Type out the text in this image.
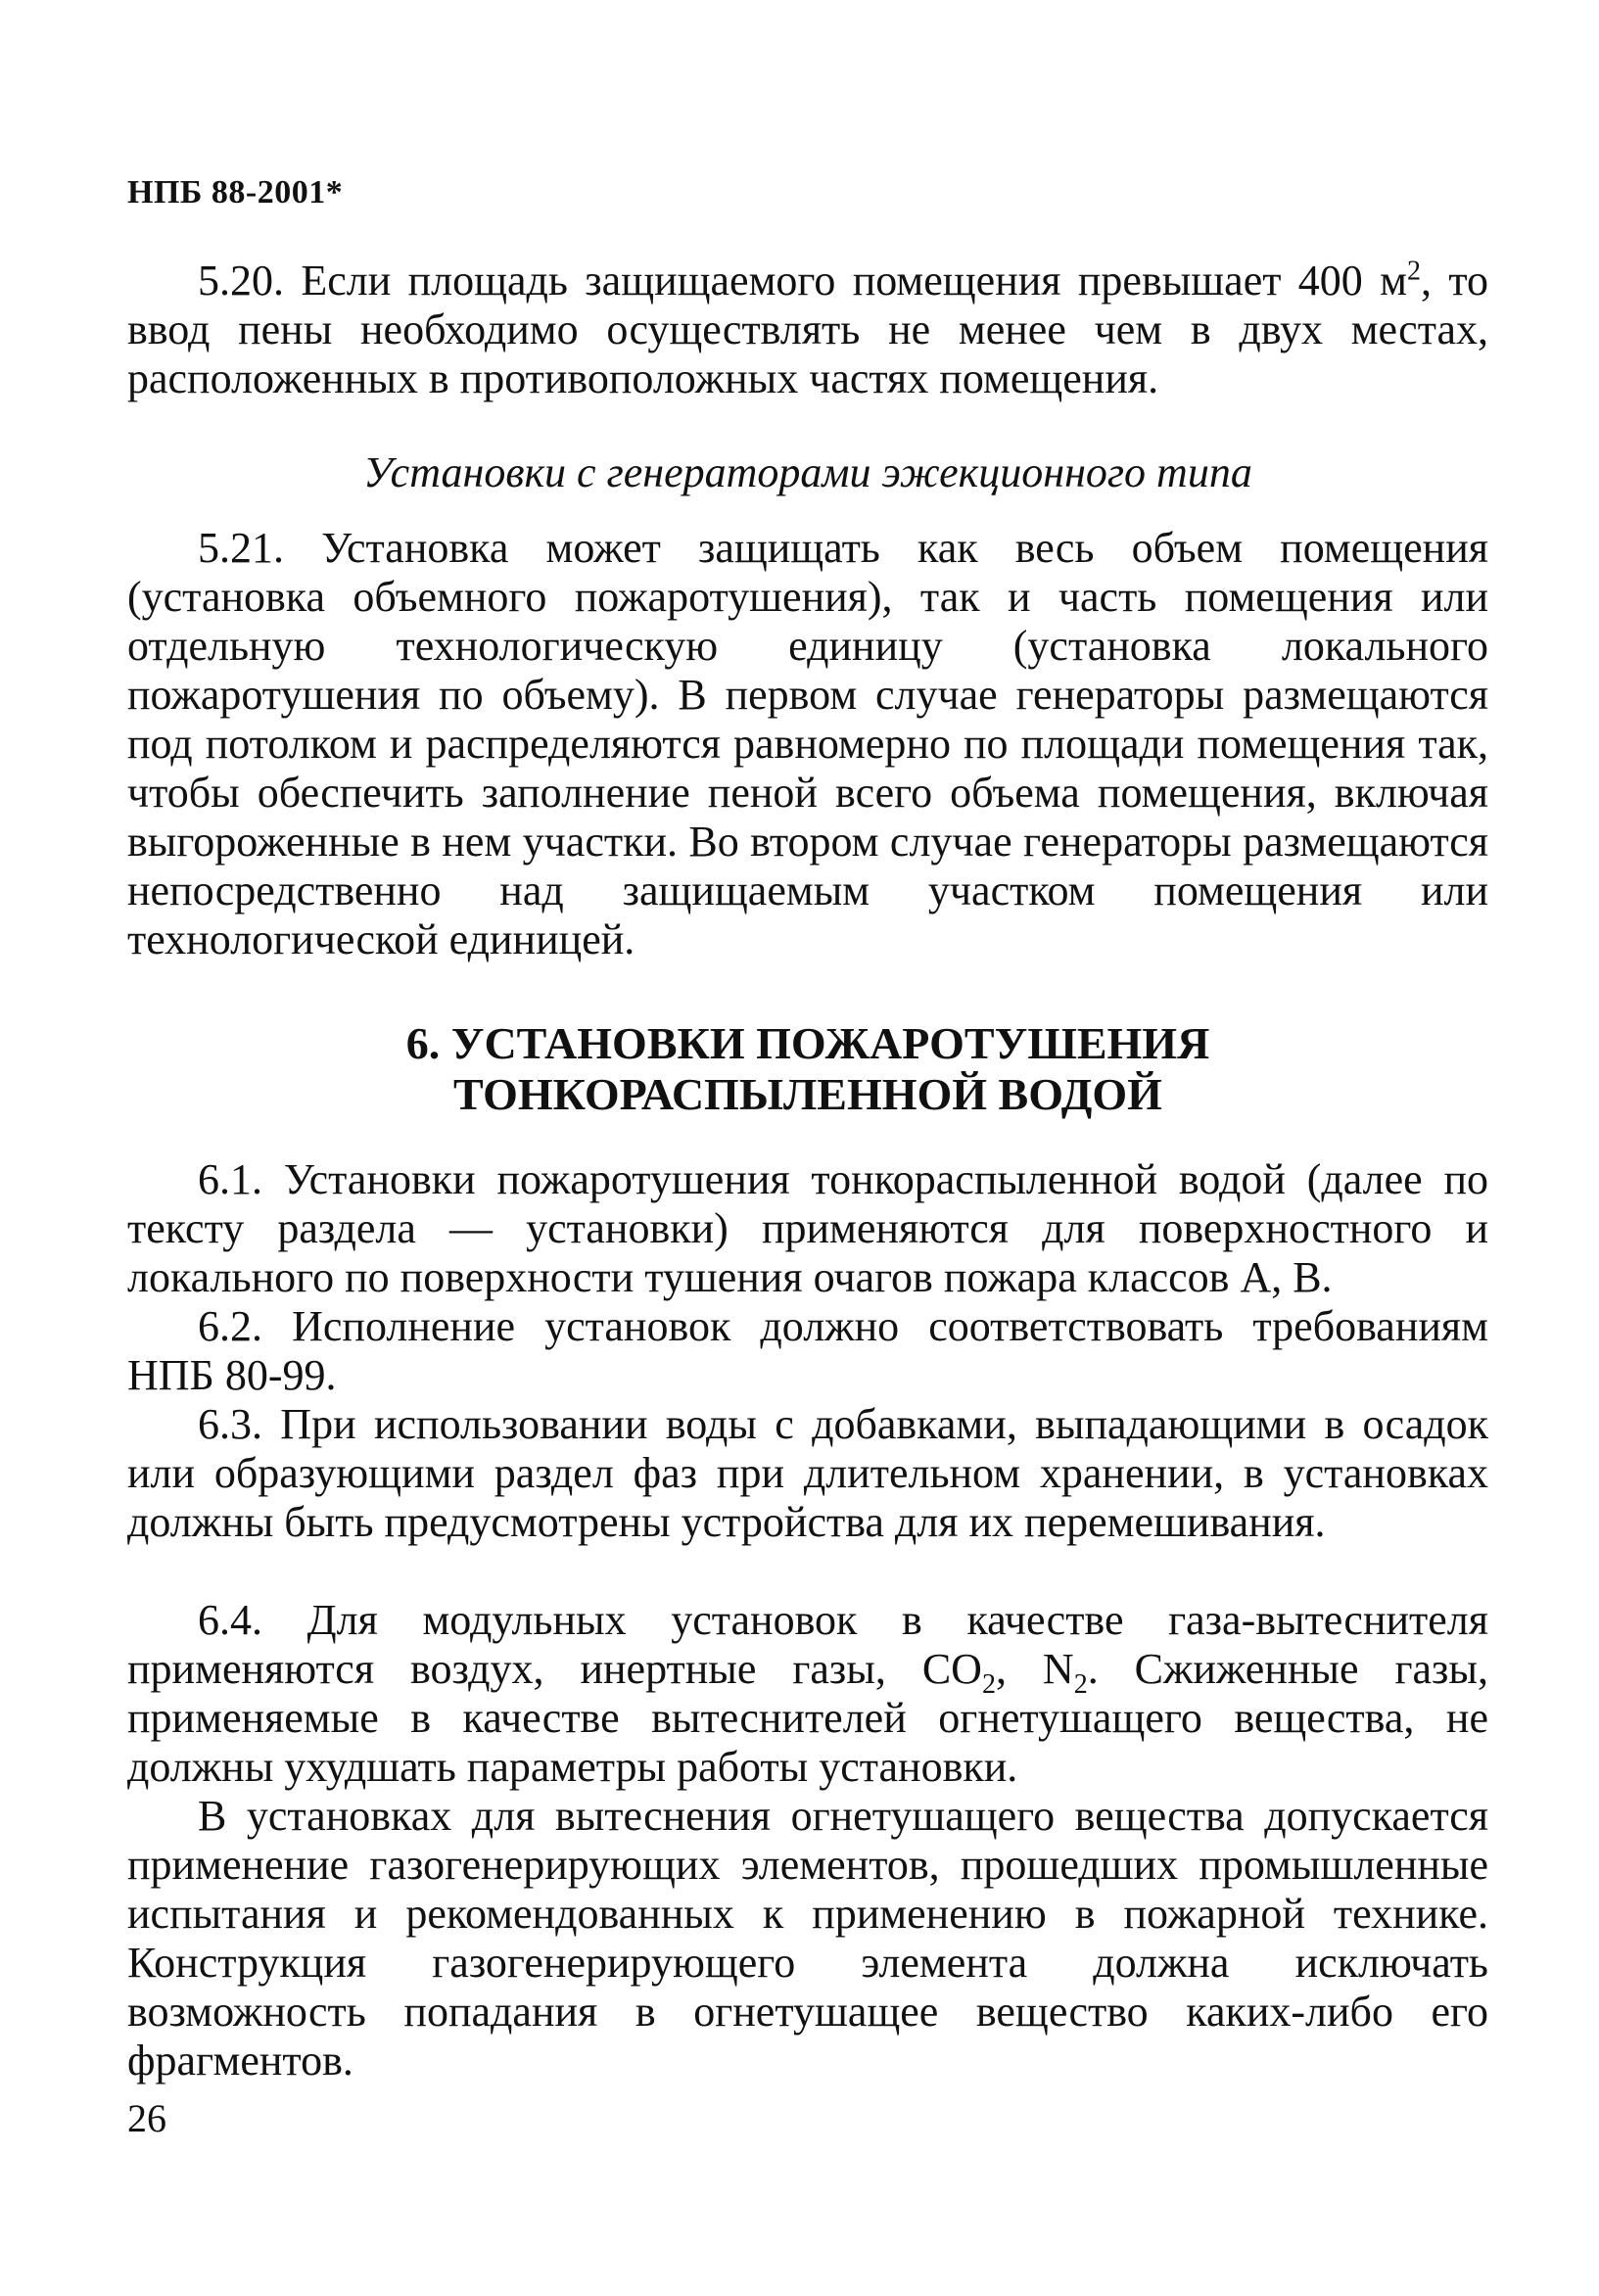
НПБ 88-2001*

5.20. Если площадь защищаемого помещения превышает 400 $м^2$, то ввод пены необходимо осуществлять не менее чем в двух местах, расположенных в противоположных частях помещения.

Установки с генераторами эжекционного типа

5.21. Установка может защищать как весь объем помещения (установка объемного пожаротушения), так и часть помещения или отдельную технологическую единицу (установка локального пожаротушения по объему). В первом случае генераторы размещаются под потолком и распределяются равномерно по площади помещения так, чтобы обеспечить заполнение пеной всего объема помещения, включая выгороженные в нем участки. Во втором случае генераторы размещаются непосредственно над защищаемым участком помещения или технологической единицей.

6. УСТАНОВКИ ПОЖАРОТУШЕНИЯ
ТОНКОРАСПЫЛЕННОЙ ВОДОЙ

6.1. Установки пожаротушения тонкораспыленной водой (далее по тексту раздела — установки) применяются для поверхностного и локального по поверхности тушения очагов пожара классов А, В.

6.2. Исполнение установок должно соответствовать требованиям НПБ 80-99.

6.3. При использовании воды с добавками, выпадающими в осадок или образующими раздел фаз при длительном хранении, в установках должны быть предусмотрены устройства для их перемешивания.

6.4. Для модульных установок в качестве газа-вытеснителя применяются воздух, инертные газы, $CO_2$, $N_2$. Сжиженные газы, применяемые в качестве вытеснителей огнетушащего вещества, не должны ухудшать параметры работы установки.

В установках для вытеснения огнетушащего вещества допускается применение газогенерирующих элементов, прошедших промышленные испытания и рекомендованных к применению в пожарной технике. Конструкция газогенерирующего элемента должна исключать возможность попадания в огнетушащее вещество каких-либо его фрагментов.

26
